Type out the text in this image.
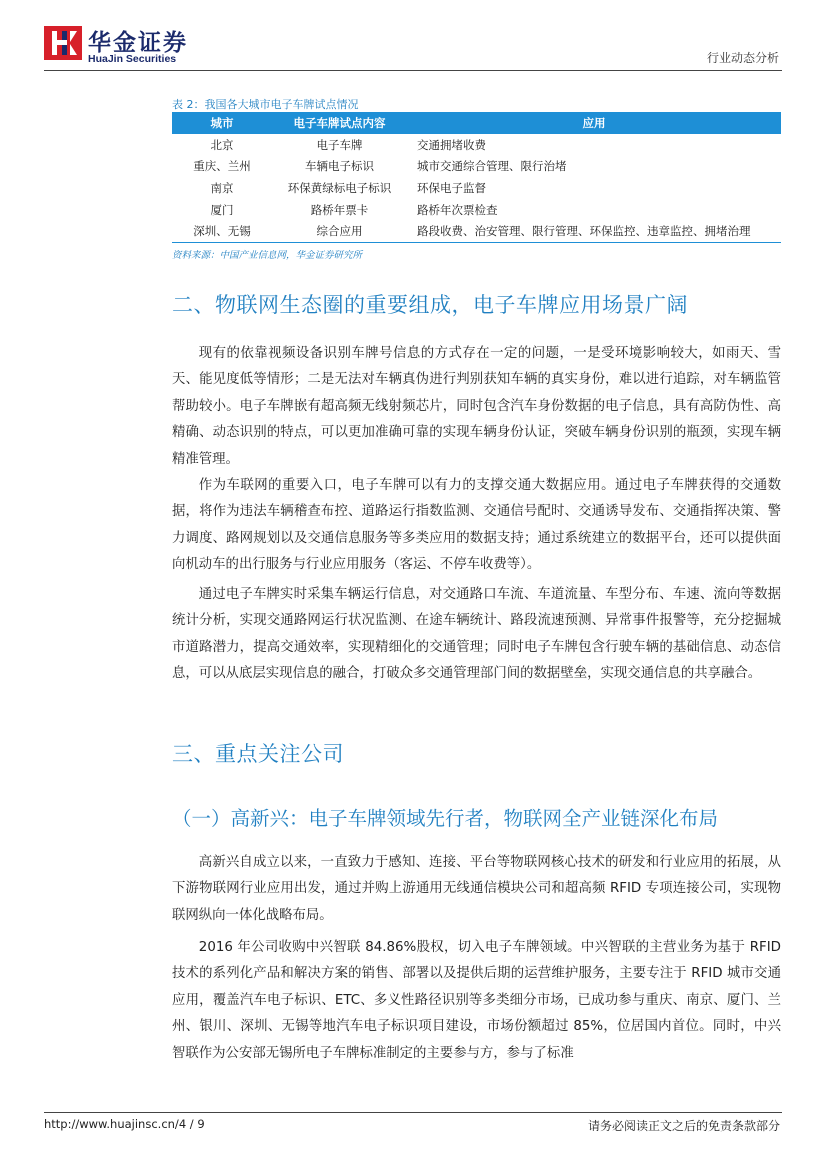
华金证券
HuaJin Securities	行业动态分析
表 2：我国各大城市电子车牌试点情况
城市	电子车牌试点内容	应用
北京	电子车牌	交通拥堵收费
重庆、兰州	车辆电子标识	城市交通综合管理、限行治堵
南京	环保黄绿标电子标识	环保电子监督
厦门	路桥年票卡	路桥年次票检查
深圳、无锡	综合应用	路段收费、治安管理、限行管理、环保监控、违章监控、拥堵治理
资料来源：中国产业信息网，华金证券研究所
二、物联网生态圈的重要组成，电子车牌应用场景广阔

现有的依靠视频设备识别车牌号信息的方式存在一定的问题，一是受环境影响较大，如雨天、雪天、能见度低等情形；二是无法对车辆真伪进行判别获知车辆的真实身份，难以进行追踪，对车辆监管帮助较小。电子车牌嵌有超高频无线射频芯片，同时包含汽车身份数据的电子信息，具有高防伪性、高精确、动态识别的特点，可以更加准确可靠的实现车辆身份认证，突破车辆身份识别的瓶颈，实现车辆精准管理。

作为车联网的重要入口，电子车牌可以有力的支撑交通大数据应用。通过电子车牌获得的交通数据，将作为违法车辆稽查布控、道路运行指数监测、交通信号配时、交通诱导发布、交通指挥决策、警力调度、路网规划以及交通信息服务等多类应用的数据支持；通过系统建立的数据平台，还可以提供面向机动车的出行服务与行业应用服务（客运、不停车收费等）。

通过电子车牌实时采集车辆运行信息，对交通路口车流、车道流量、车型分布、车速、流向等数据统计分析，实现交通路网运行状况监测、在途车辆统计、路段流速预测、异常事件报警等，充分挖掘城市道路潜力，提高交通效率，实现精细化的交通管理；同时电子车牌包含行驶车辆的基础信息、动态信息，可以从底层实现信息的融合，打破众多交通管理部门间的数据壁垒，实现交通信息的共享融合。

三、重点关注公司
（一）高新兴：电子车牌领域先行者，物联网全产业链深化布局

高新兴自成立以来，一直致力于感知、连接、平台等物联网核心技术的研发和行业应用的拓展，从下游物联网行业应用出发，通过并购上游通用无线通信模块公司和超高频 RFID 专项连接公司，实现物联网纵向一体化战略布局。

2016 年公司收购中兴智联 84.86%股权，切入电子车牌领域。中兴智联的主营业务为基于 RFID 技术的系列化产品和解决方案的销售、部署以及提供后期的运营维护服务，主要专注于 RFID 城市交通应用，覆盖汽车电子标识、ETC、多义性路径识别等多类细分市场，已成功参与重庆、南京、厦门、兰州、银川、深圳、无锡等地汽车电子标识项目建设，市场份额超过 85%，位居国内首位。同时，中兴智联作为公安部无锡所电子车牌标准制定的主要参与方，参与了标准

http://www.huajinsc.cn/4 / 9	请务必阅读正文之后的免责条款部分
